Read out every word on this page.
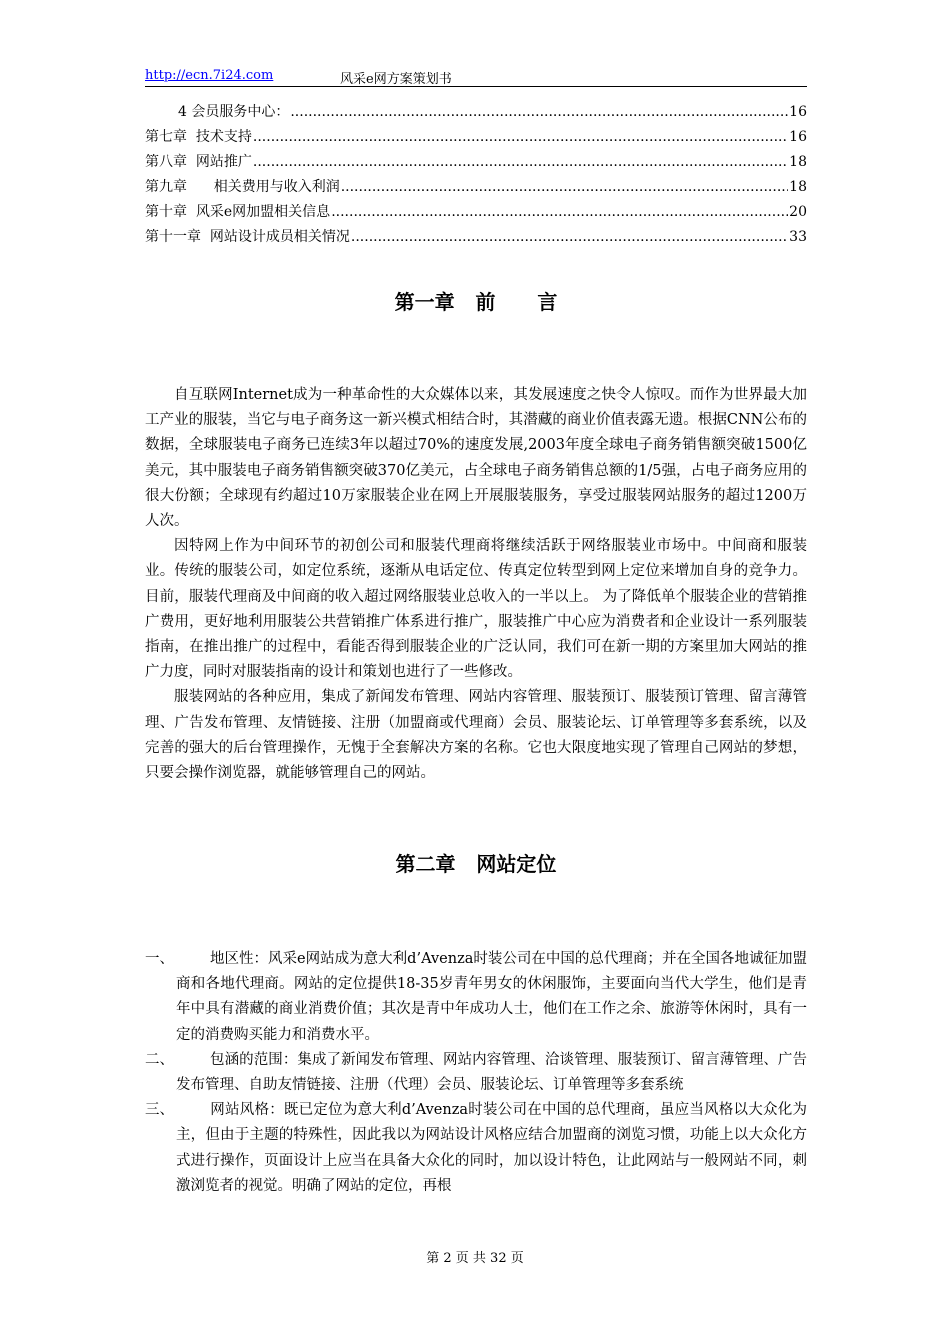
http://ecn.7i24.com	风采e网方案策划书
4 会员服务中心： .....	16
第七章  技术支持 .....	16
第八章  网站推广 .....	18
第九章      相关费用与收入利润 .....	18
第十章  风采e网加盟相关信息 .....	20
第十一章  网站设计成员相关情况 .....	33
第一章   前      言

自互联网Internet成为一种革命性的大众媒体以来，其发展速度之快令人惊叹。而作为世界最大加工产业的服装，当它与电子商务这一新兴模式相结合时，其潜藏的商业价值表露无遗。根据CNN公布的数据，全球服装电子商务已连续3年以超过70%的速度发展,2003年度全球电子商务销售额突破1500亿美元，其中服装电子商务销售额突破370亿美元，占全球电子商务销售总额的1/5强，占电子商务应用的很大份额；全球现有约超过10万家服装企业在网上开展服装服务，享受过服装网站服务的超过1200万人次。

因特网上作为中间环节的初创公司和服装代理商将继续活跃于网络服装业市场中。中间商和服装业。传统的服装公司，如定位系统，逐渐从电话定位、传真定位转型到网上定位来增加自身的竞争力。目前，服装代理商及中间商的收入超过网络服装业总收入的一半以上。 为了降低单个服装企业的营销推广费用，更好地利用服装公共营销推广体系进行推广，服装推广中心应为消费者和企业设计一系列服装指南，在推出推广的过程中，看能否得到服装企业的广泛认同，我们可在新一期的方案里加大网站的推广力度，同时对服装指南的设计和策划也进行了一些修改。

服装网站的各种应用，集成了新闻发布管理、网站内容管理、服装预订、服装预订管理、留言薄管理、广告发布管理、友情链接、注册（加盟商或代理商）会员、服装论坛、订单管理等多套系统，以及完善的强大的后台管理操作，无愧于全套解决方案的名称。它也大限度地实现了管理自己网站的梦想，只要会操作浏览器，就能够管理自己的网站。

第二章   网站定位
一、 地区性：风采e网站成为意大利d’Avenza时装公司在中国的总代理商；并在全国各地诚征加盟商和各地代理商。网站的定位提供18-35岁青年男女的休闲服饰，主要面向当代大学生，他们是青年中具有潜藏的商业消费价值；其次是青中年成功人士，他们在工作之余、旅游等休闲时，具有一定的消费购买能力和消费水平。
二、 包涵的范围：集成了新闻发布管理、网站内容管理、洽谈管理、服装预订、留言薄管理、广告发布管理、自助友情链接、注册（代理）会员、服装论坛、订单管理等多套系统
三、 网站风格：既已定位为意大利d’Avenza时装公司在中国的总代理商，虽应当风格以大众化为主，但由于主题的特殊性，因此我以为网站设计风格应结合加盟商的浏览习惯，功能上以大众化方式进行操作，页面设计上应当在具备大众化的同时，加以设计特色，让此网站与一般网站不同，刺激浏览者的视觉。明确了网站的定位，再根
第 2 页 共 32 页
